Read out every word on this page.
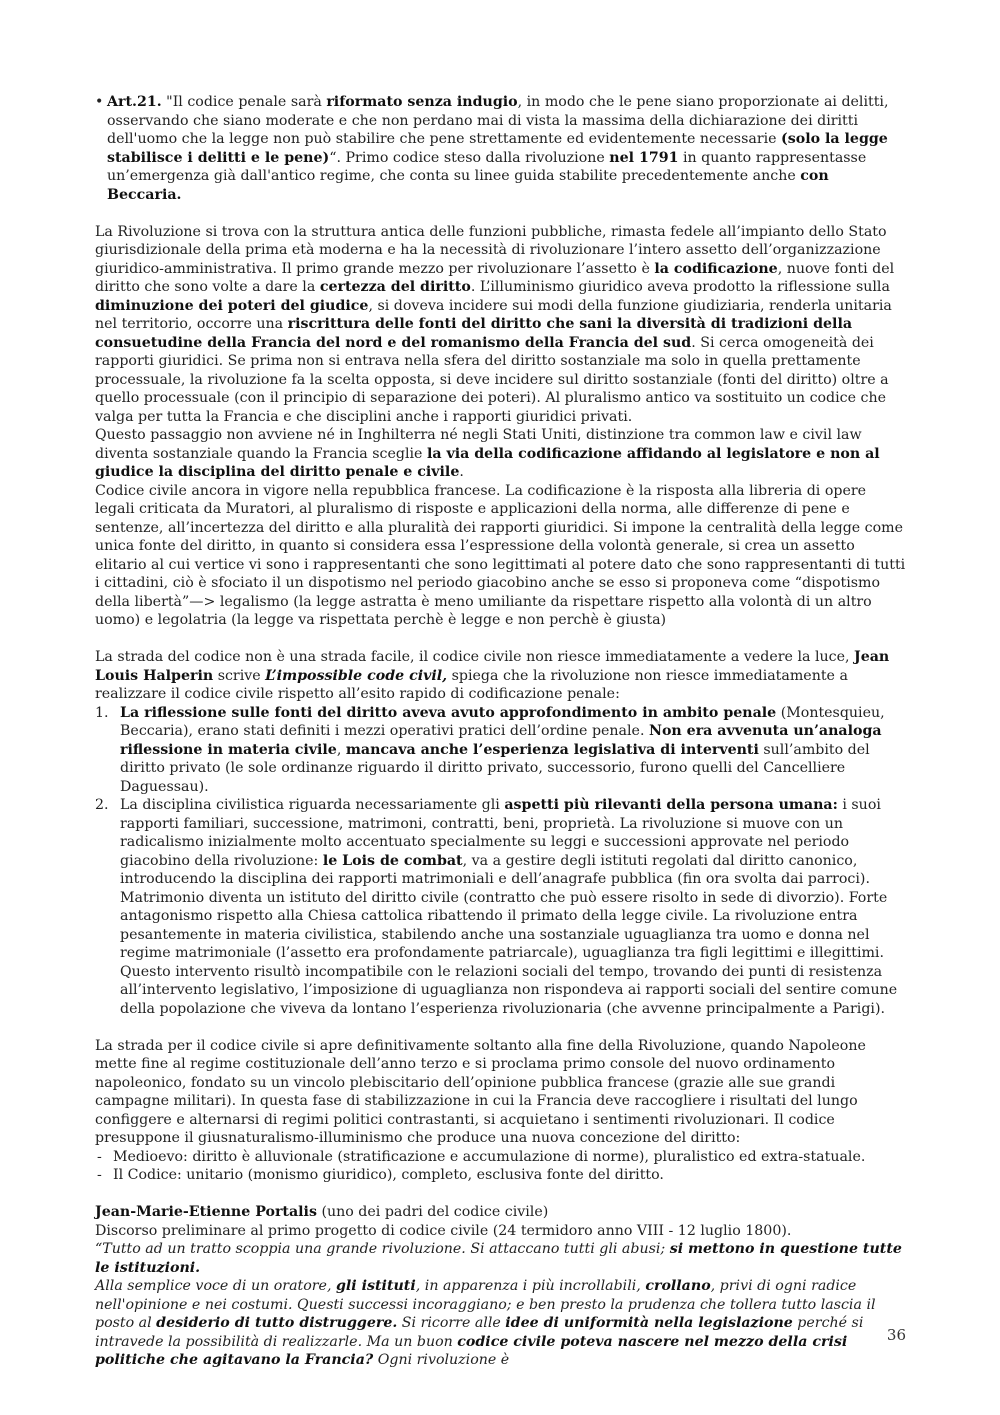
• Art.21. "Il codice penale sarà riformato senza indugio, in modo che le pene siano proporzionate ai delitti, osservando che siano moderate e che non perdano mai di vista la massima della dichiarazione dei diritti dell'uomo che la legge non può stabilire che pene strettamente ed evidentemente necessarie (solo la legge stabilisce i delitti e le pene)“. Primo codice steso dalla rivoluzione nel 1791 in quanto rappresentasse un’emergenza già dall'antico regime, che conta su linee guida stabilite precedentemente anche con Beccaria.

La Rivoluzione si trova con la struttura antica delle funzioni pubbliche, rimasta fedele all’impianto dello Stato giurisdizionale della prima età moderna e ha la necessità di rivoluzionare l’intero assetto dell’organizzazione giuridico-amministrativa. Il primo grande mezzo per rivoluzionare l’assetto è la codificazione, nuove fonti del diritto che sono volte a dare la certezza del diritto. L’illuminismo giuridico aveva prodotto la riflessione sulla diminuzione dei poteri del giudice, si doveva incidere sui modi della funzione giudiziaria, renderla unitaria nel territorio, occorre una riscrittura delle fonti del diritto che sani la diversità di tradizioni della consuetudine della Francia del nord e del romanismo della Francia del sud. Si cerca omogeneità dei rapporti giuridici. Se prima non si entrava nella sfera del diritto sostanziale ma solo in quella prettamente processuale, la rivoluzione fa la scelta opposta, si deve incidere sul diritto sostanziale (fonti del diritto) oltre a quello processuale (con il principio di separazione dei poteri). Al pluralismo antico va sostituito un codice che valga per tutta la Francia e che disciplini anche i rapporti giuridici privati.

Questo passaggio non avviene né in Inghilterra né negli Stati Uniti, distinzione tra common law e civil law diventa sostanziale quando la Francia sceglie la via della codificazione affidando al legislatore e non al giudice la disciplina del diritto penale e civile.

Codice civile ancora in vigore nella repubblica francese. La codificazione è la risposta alla libreria di opere legali criticata da Muratori, al pluralismo di risposte e applicazioni della norma, alle differenze di pene e sentenze, all’incertezza del diritto e alla pluralità dei rapporti giuridici. Si impone la centralità della legge come unica fonte del diritto, in quanto si considera essa l’espressione della volontà generale, si crea un assetto elitario al cui vertice vi sono i rappresentanti che sono legittimati al potere dato che sono rappresentanti di tutti i cittadini, ciò è sfociato il un dispotismo nel periodo giacobino anche se esso si proponeva come “dispotismo della libertà”—> legalismo (la legge astratta è meno umiliante da rispettare rispetto alla volontà di un altro uomo) e legolatria (la legge va rispettata perchè è legge e non perchè è giusta)

La strada del codice non è una strada facile, il codice civile non riesce immediatamente a vedere la luce, Jean Louis Halperin scrive L’impossible code civil, spiega che la rivoluzione non riesce immediatamente a realizzare il codice civile rispetto all’esito rapido di codificazione penale:

1. La riflessione sulle fonti del diritto aveva avuto approfondimento in ambito penale (Montesquieu, Beccaria), erano stati definiti i mezzi operativi pratici dell’ordine penale. Non era avvenuta un’analoga riflessione in materia civile, mancava anche l’esperienza legislativa di interventi sull’ambito del diritto privato (le sole ordinanze riguardo il diritto privato, successorio, furono quelli del Cancelliere Daguessau).

2. La disciplina civilistica riguarda necessariamente gli aspetti più rilevanti della persona umana: i suoi rapporti familiari, successione, matrimoni, contratti, beni, proprietà. La rivoluzione si muove con un radicalismo inizialmente molto accentuato specialmente su leggi e successioni approvate nel periodo giacobino della rivoluzione: le Lois de combat, va a gestire degli istituti regolati dal diritto canonico, introducendo la disciplina dei rapporti matrimoniali e dell’anagrafe pubblica (fin ora svolta dai parroci). Matrimonio diventa un istituto del diritto civile (contratto che può essere risolto in sede di divorzio). Forte antagonismo rispetto alla Chiesa cattolica ribattendo il primato della legge civile. La rivoluzione entra pesantemente in materia civilistica, stabilendo anche una sostanziale uguaglianza tra uomo e donna nel regime matrimoniale (l’assetto era profondamente patriarcale), uguaglianza tra figli legittimi e illegittimi. Questo intervento risultò incompatibile con le relazioni sociali del tempo, trovando dei punti di resistenza all’intervento legislativo, l’imposizione di uguaglianza non rispondeva ai rapporti sociali del sentire comune della popolazione che viveva da lontano l’esperienza rivoluzionaria (che avvenne principalmente a Parigi).

La strada per il codice civile si apre definitivamente soltanto alla fine della Rivoluzione, quando Napoleone mette fine al regime costituzionale dell’anno terzo e si proclama primo console del nuovo ordinamento napoleonico, fondato su un vincolo plebiscitario dell’opinione pubblica francese (grazie alle sue grandi campagne militari). In questa fase di stabilizzazione in cui la Francia deve raccogliere i risultati del lungo configgere e alternarsi di regimi politici contrastanti, si acquietano i sentimenti rivoluzionari. Il codice presuppone il giusnaturalismo-illuminismo che produce una nuova concezione del diritto:

- Medioevo: diritto è alluvionale (stratificazione e accumulazione di norme), pluralistico ed extra-statuale.

- Il Codice: unitario (monismo giuridico), completo, esclusiva fonte del diritto.

Jean-Marie-Etienne Portalis (uno dei padri del codice civile)

Discorso preliminare al primo progetto di codice civile (24 termidoro anno VIII - 12 luglio 1800).

“Tutto ad un tratto scoppia una grande rivoluzione. Si attaccano tutti gli abusi; si mettono in questione tutte le istituzioni.

Alla semplice voce di un oratore, gli istituti, in apparenza i più incrollabili, crollano, privi di ogni radice nell'opinione e nei costumi. Questi successi incoraggiano; e ben presto la prudenza che tollera tutto lascia il posto al desiderio di tutto distruggere. Si ricorre alle idee di uniformità nella legislazione perché si intravede la possibilità di realizzarle. Ma un buon codice civile poteva nascere nel mezzo della crisi politiche che agitavano la Francia? Ogni rivoluzione è

36
